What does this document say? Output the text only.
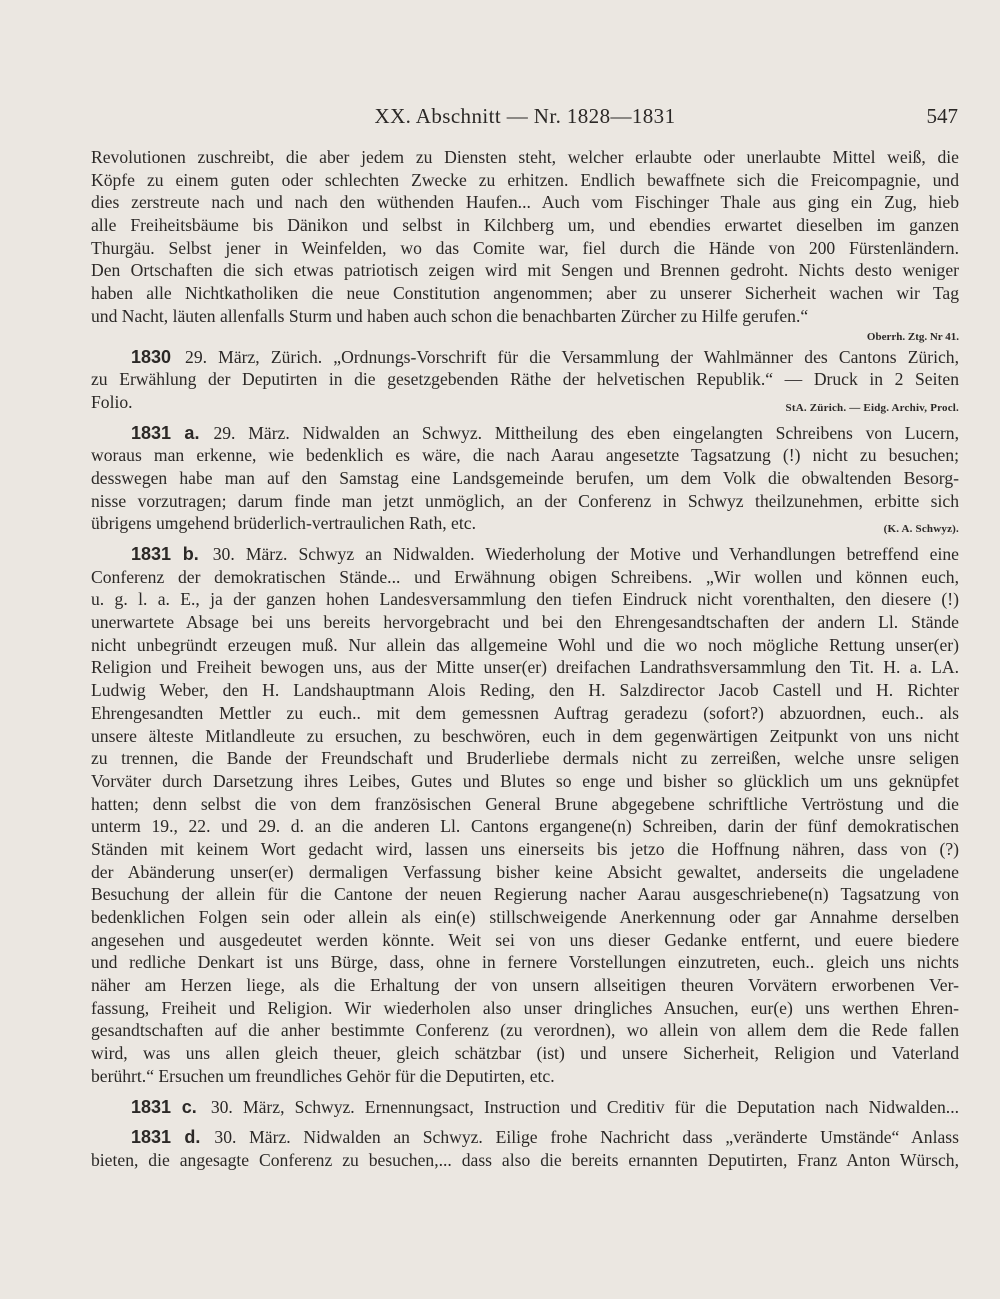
XX. Abschnitt — Nr. 1828—1831	547
Revolutionen zuschreibt, die aber jedem zu Diensten steht, welcher erlaubte oder unerlaubte Mittel weiß, die
Köpfe zu einem guten oder schlechten Zwecke zu erhitzen. Endlich bewaffnete sich die Freicompagnie, und
dies zerstreute nach und nach den wüthenden Haufen... Auch vom Fischinger Thale aus ging ein Zug, hieb
alle Freiheitsbäume bis Dänikon und selbst in Kilchberg um, und ebendies erwartet dieselben im ganzen
Thurgäu. Selbst jener in Weinfelden, wo das Comite war, fiel durch die Hände von 200 Fürstenländern.
Den Ortschaften die sich etwas patriotisch zeigen wird mit Sengen und Brennen gedroht. Nichts desto weniger
haben alle Nichtkatholiken die neue Constitution angenommen; aber zu unserer Sicherheit wachen wir Tag
und Nacht, läuten allenfalls Sturm und haben auch schon die benachbarten Zürcher zu Hilfe gerufen.“
Oberrh. Ztg. Nr 41.
1830 29. März, Zürich. „Ordnungs-Vorschrift für die Versammlung der Wahlmänner des Cantons Zürich,
zu Erwählung der Deputirten in die gesetzgebenden Räthe der helvetischen Republik.“ — Druck in 2 Seiten
Folio.	StA. Zürich. — Eidg. Archiv, Procl.
1831 a. 29. März. Nidwalden an Schwyz. Mittheilung des eben eingelangten Schreibens von Lucern,
woraus man erkenne, wie bedenklich es wäre, die nach Aarau angesetzte Tagsatzung (!) nicht zu besuchen;
desswegen habe man auf den Samstag eine Landsgemeinde berufen, um dem Volk die obwaltenden Besorg-
nisse vorzutragen; darum finde man jetzt unmöglich, an der Conferenz in Schwyz theilzunehmen, erbitte sich
übrigens umgehend brüderlich-vertraulichen Rath, etc.	(K. A. Schwyz).
1831 b. 30. März. Schwyz an Nidwalden. Wiederholung der Motive und Verhandlungen betreffend eine
Conferenz der demokratischen Stände... und Erwähnung obigen Schreibens. „Wir wollen und können euch,
u. g. l. a. E., ja der ganzen hohen Landesversammlung den tiefen Eindruck nicht vorenthalten, den diesere (!)
unerwartete Absage bei uns bereits hervorgebracht und bei den Ehrengesandtschaften der andern Ll. Stände
nicht unbegründt erzeugen muß. Nur allein das allgemeine Wohl und die wo noch mögliche Rettung unser(er)
Religion und Freiheit bewogen uns, aus der Mitte unser(er) dreifachen Landrathsversammlung den Tit. H. a. LA.
Ludwig Weber, den H. Landshauptmann Alois Reding, den H. Salzdirector Jacob Castell und H. Richter
Ehrengesandten Mettler zu euch.. mit dem gemessnen Auftrag geradezu (sofort?) abzuordnen, euch.. als
unsere älteste Mitlandleute zu ersuchen, zu beschwören, euch in dem gegenwärtigen Zeitpunkt von uns nicht
zu trennen, die Bande der Freundschaft und Bruderliebe dermals nicht zu zerreißen, welche unsre seligen
Vorväter durch Darsetzung ihres Leibes, Gutes und Blutes so enge und bisher so glücklich um uns geknüpfet
hatten; denn selbst die von dem französischen General Brune abgegebene schriftliche Vertröstung und die
unterm 19., 22. und 29. d. an die anderen Ll. Cantons ergangene(n) Schreiben, darin der fünf demokratischen
Ständen mit keinem Wort gedacht wird, lassen uns einerseits bis jetzo die Hoffnung nähren, dass von (?)
der Abänderung unser(er) dermaligen Verfassung bisher keine Absicht gewaltet, anderseits die ungeladene
Besuchung der allein für die Cantone der neuen Regierung nacher Aarau ausgeschriebene(n) Tagsatzung von
bedenklichen Folgen sein oder allein als ein(e) stillschweigende Anerkennung oder gar Annahme derselben
angesehen und ausgedeutet werden könnte. Weit sei von uns dieser Gedanke entfernt, und euere biedere
und redliche Denkart ist uns Bürge, dass, ohne in fernere Vorstellungen einzutreten, euch.. gleich uns nichts
näher am Herzen liege, als die Erhaltung der von unsern allseitigen theuren Vorvätern erworbenen Ver-
fassung, Freiheit und Religion. Wir wiederholen also unser dringliches Ansuchen, eur(e) uns werthen Ehren-
gesandtschaften auf die anher bestimmte Conferenz (zu verordnen), wo allein von allem dem die Rede fallen
wird, was uns allen gleich theuer, gleich schätzbar (ist) und unsere Sicherheit, Religion und Vaterland
berührt.“ Ersuchen um freundliches Gehör für die Deputirten, etc.
1831 c. 30. März, Schwyz. Ernennungsact, Instruction und Creditiv für die Deputation nach Nidwalden...
1831 d. 30. März. Nidwalden an Schwyz. Eilige frohe Nachricht dass „veränderte Umstände“ Anlass
bieten, die angesagte Conferenz zu besuchen,... dass also die bereits ernannten Deputirten, Franz Anton Würsch,
